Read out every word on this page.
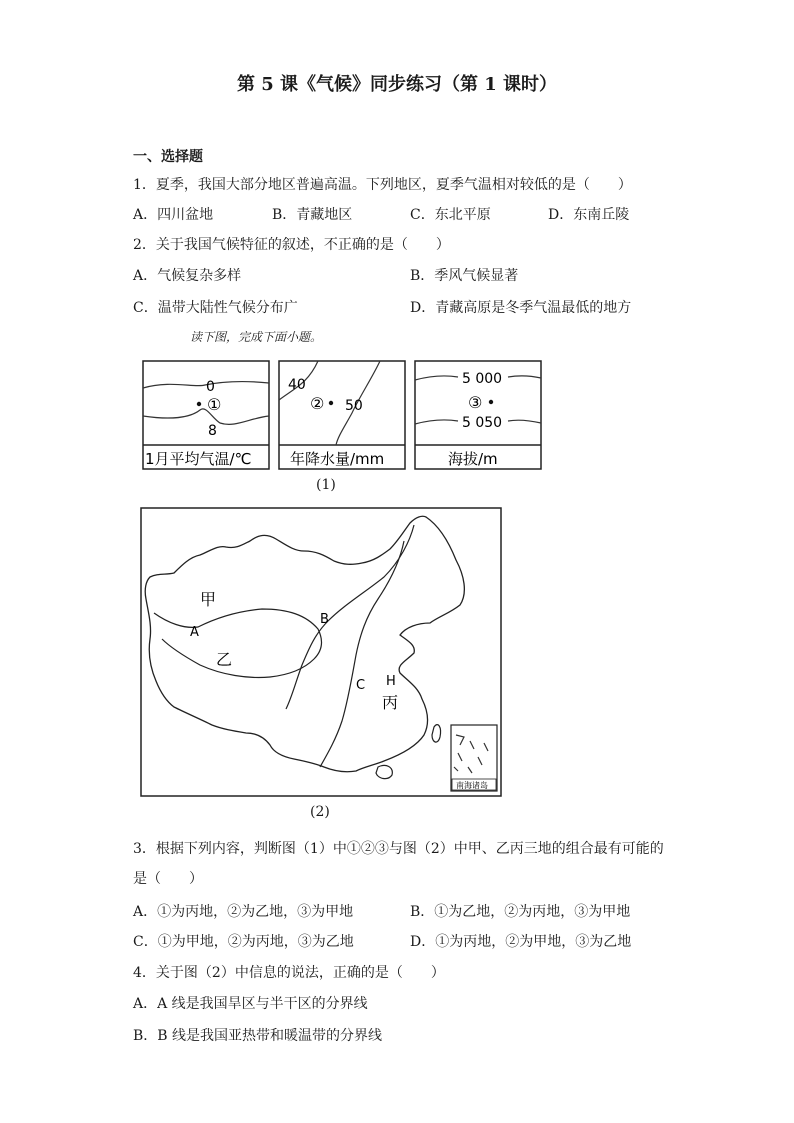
第 5 课《气候》同步练习（第 1 课时）
一、选择题
1．夏季，我国大部分地区普遍高温。下列地区，夏季气温相对较低的是（　　）
A．四川盆地	B．青藏地区	C．东北平原	D．东南丘陵
2．关于我国气候特征的叙述，不正确的是（　　）
A．气候复杂多样	B．季风气候显著
C．温带大陆性气候分布广	D．青藏高原是冬季气温最低的地方
读下图，完成下面小题。
0
①
8
1月平均气温/℃
40
② 50
年降水量/mm
5 000
③
5 050
海拔/m
(1)
甲
乙
丙
A
B
C H
南海诸岛
(2)
3．根据下列内容，判断图（1）中①②③与图（2）中甲、乙丙三地的组合最有可能的
是（　　）
A．①为丙地，②为乙地，③为甲地	B．①为乙地，②为丙地，③为甲地
C．①为甲地，②为丙地，③为乙地	D．①为丙地，②为甲地，③为乙地
4．关于图（2）中信息的说法，正确的是（　　）
A．A 线是我国旱区与半干区的分界线
B．B 线是我国亚热带和暖温带的分界线
